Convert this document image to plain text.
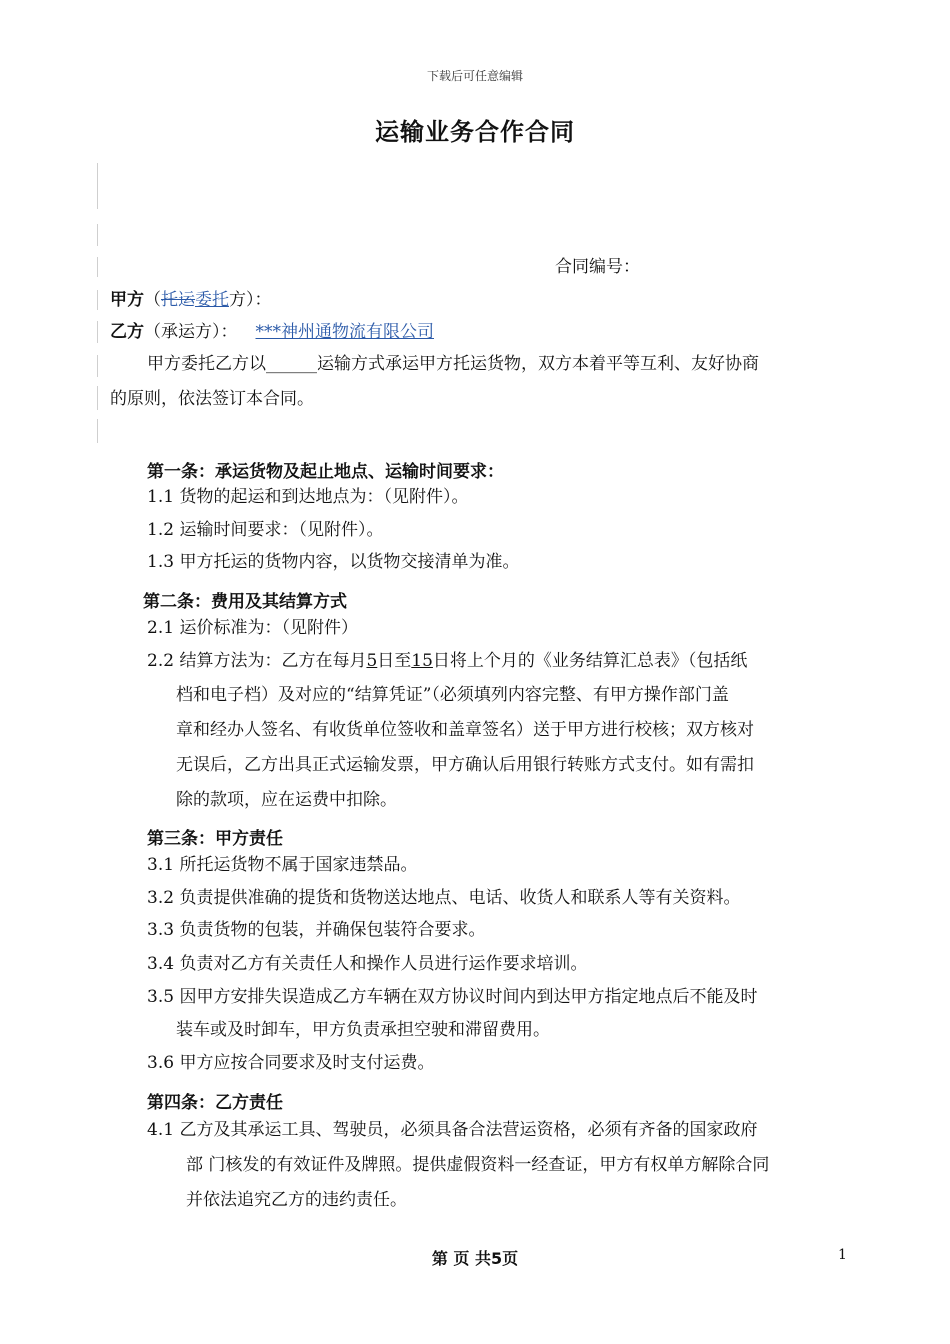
下载后可任意编辑
运输业务合作合同
合同编号：
甲方（托运委托方）：
乙方（承运方）： ***神州通物流有限公司
甲方委托乙方以______运输方式承运甲方托运货物，双方本着平等互利、友好协商
的原则，依法签订本合同。
第一条：承运货物及起止地点、运输时间要求：
1.1 货物的起运和到达地点为：（见附件）。
1.2 运输时间要求：（见附件）。
1.3 甲方托运的货物内容，以货物交接清单为准。
第二条：费用及其结算方式
2.1 运价标准为：（见附件）
2.2 结算方法为：乙方在每月5日至15日将上个月的《业务结算汇总表》（包括纸
档和电子档）及对应的“结算凭证”（必须填列内容完整、有甲方操作部门盖
章和经办人签名、有收货单位签收和盖章签名）送于甲方进行校核；双方核对
无误后，乙方出具正式运输发票，甲方确认后用银行转账方式支付。如有需扣
除的款项，应在运费中扣除。
第三条：甲方责任
3.1 所托运货物不属于国家违禁品。
3.2 负责提供准确的提货和货物送达地点、电话、收货人和联系人等有关资料。
3.3 负责货物的包装，并确保包装符合要求。
3.4 负责对乙方有关责任人和操作人员进行运作要求培训。
3.5 因甲方安排失误造成乙方车辆在双方协议时间内到达甲方指定地点后不能及时
装车或及时卸车，甲方负责承担空驶和滞留费用。
3.6 甲方应按合同要求及时支付运费。
第四条：乙方责任
4.1 乙方及其承运工具、驾驶员，必须具备合法营运资格，必须有齐备的国家政府
部 门核发的有效证件及牌照。提供虚假资料一经查证，甲方有权单方解除合同
并依法追究乙方的违约责任。
第 页 共5页	1
